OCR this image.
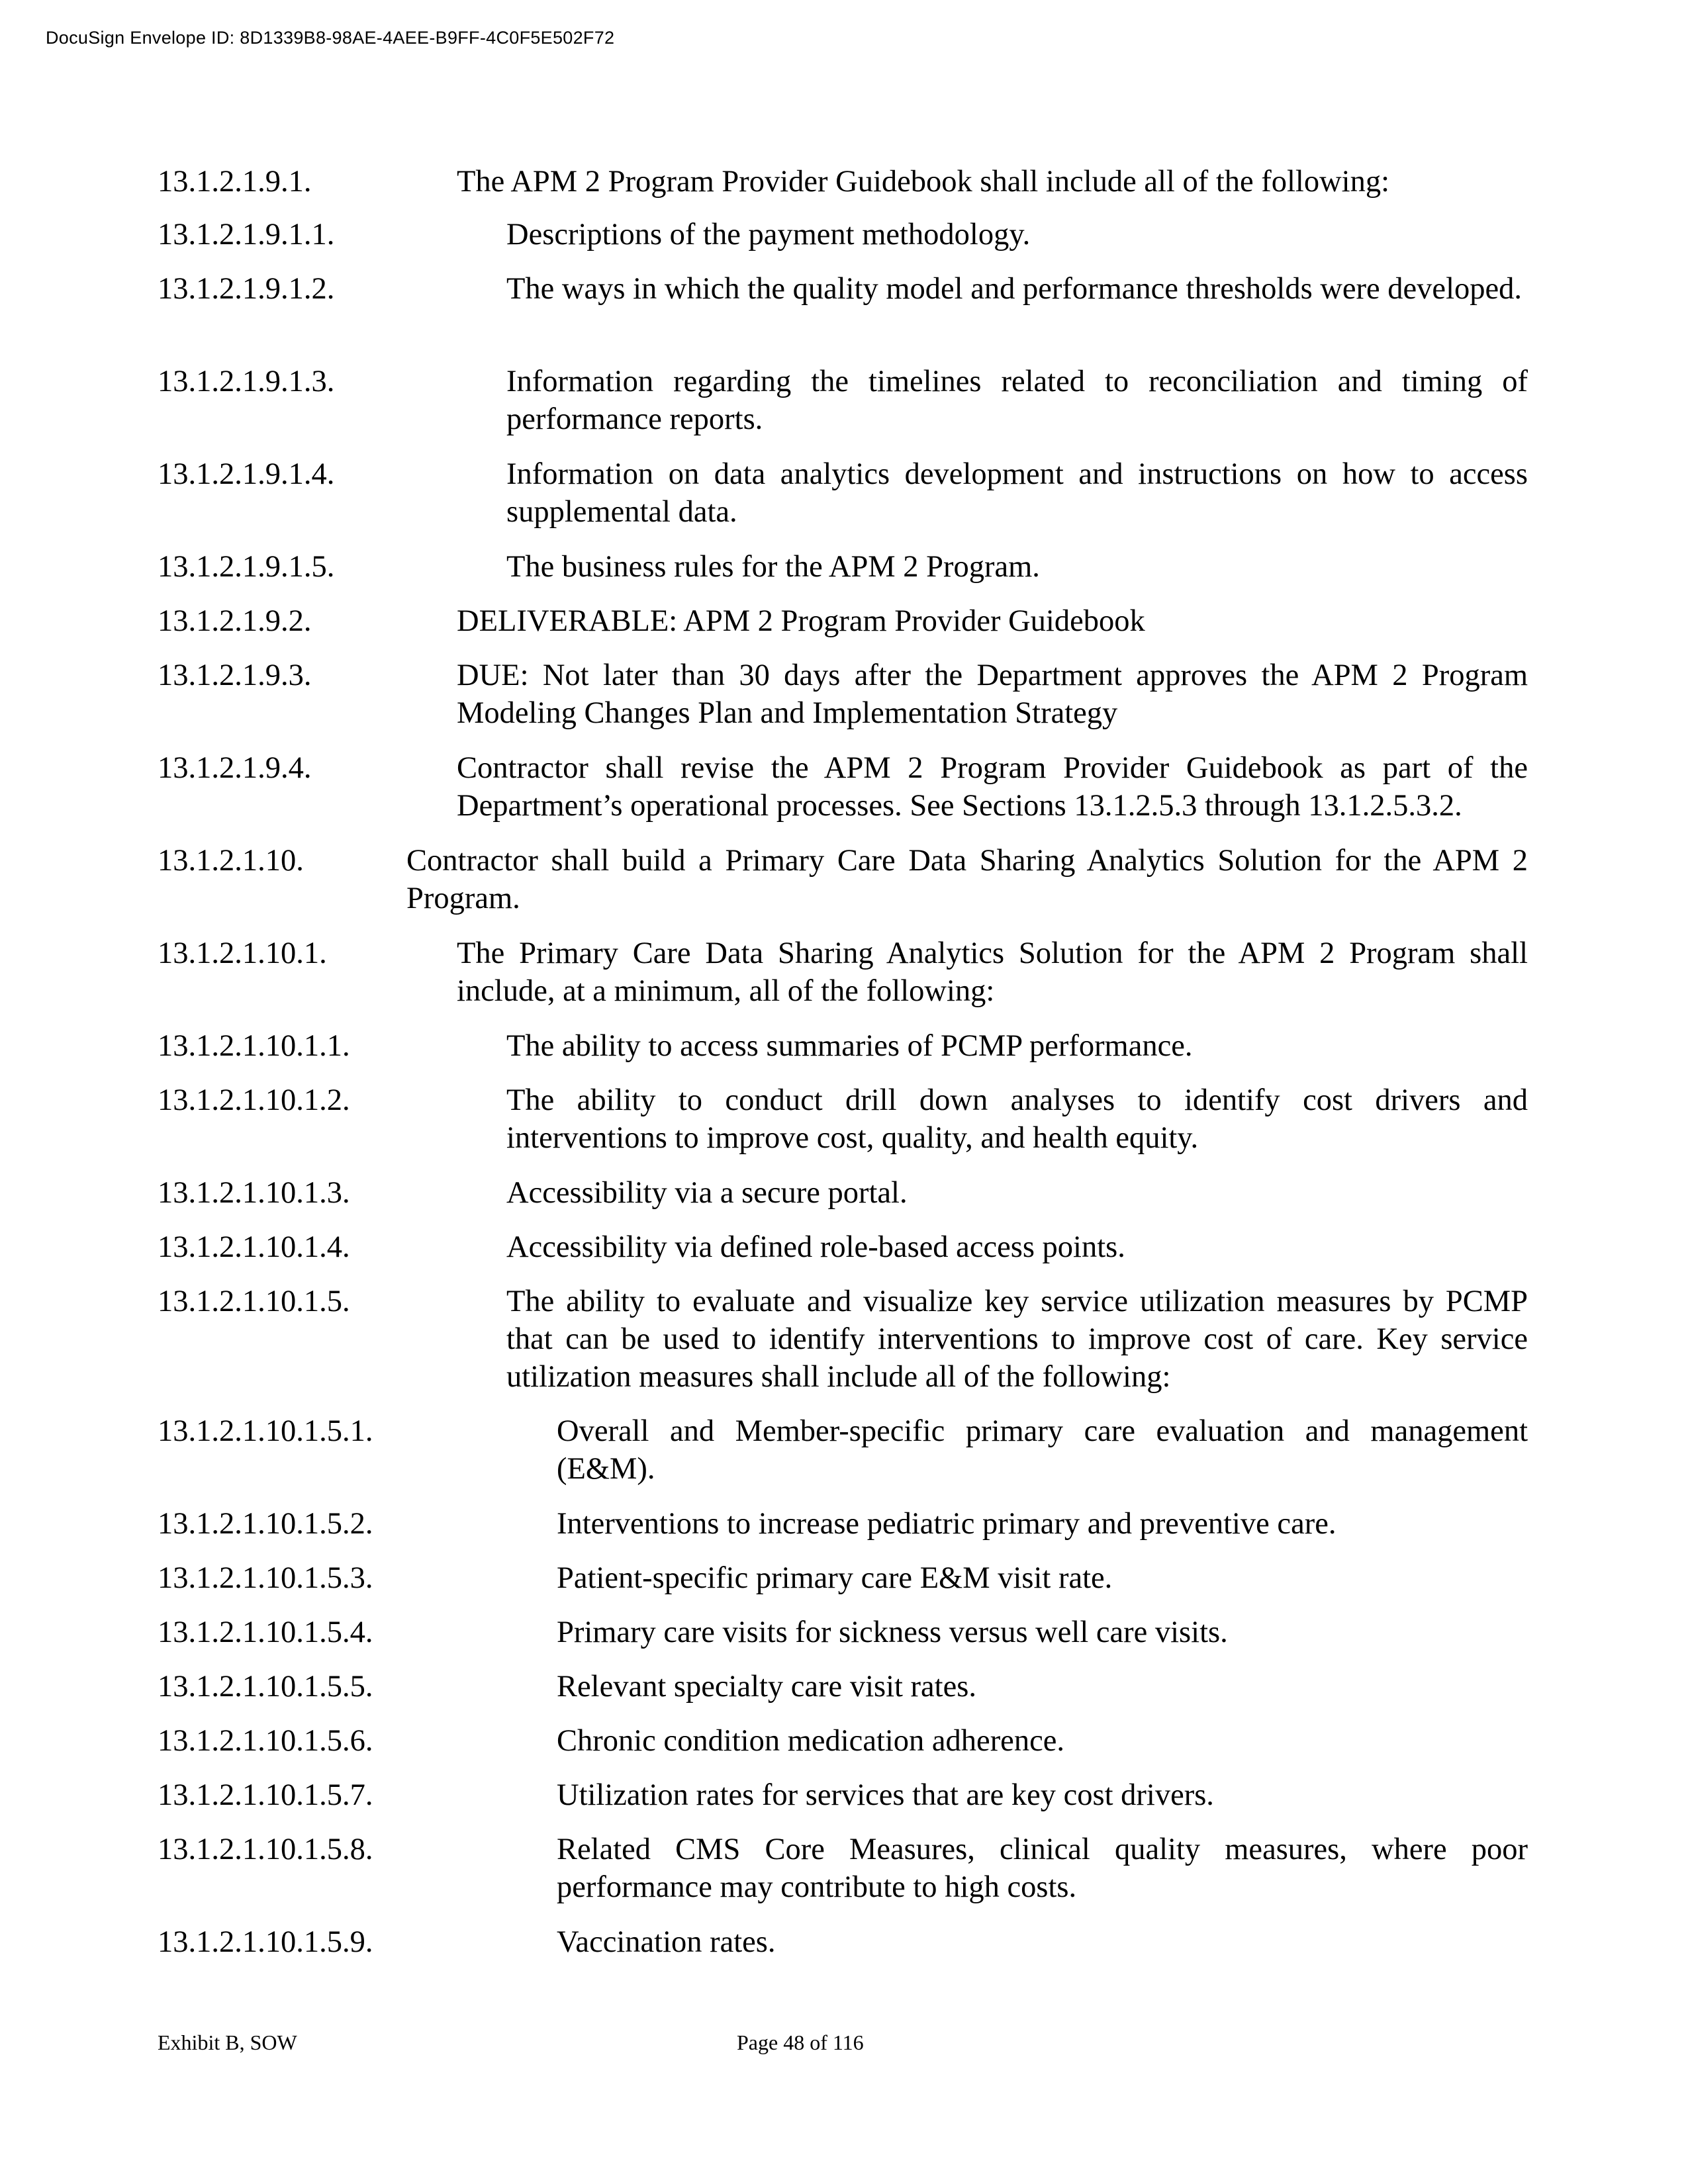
DocuSign Envelope ID: 8D1339B8-98AE-4AEE-B9FF-4C0F5E502F72
13.1.2.1.9.1.	The APM 2 Program Provider Guidebook shall include all of the following:
13.1.2.1.9.1.1.	Descriptions of the payment methodology.
13.1.2.1.9.1.2.	The ways in which the quality model and performance thresholds were developed.
13.1.2.1.9.1.3.	Information regarding the timelines related to reconciliation and timing of performance reports.
13.1.2.1.9.1.4.	Information on data analytics development and instructions on how to access supplemental data.
13.1.2.1.9.1.5.	The business rules for the APM 2 Program.
13.1.2.1.9.2.	DELIVERABLE: APM 2 Program Provider Guidebook
13.1.2.1.9.3.	DUE: Not later than 30 days after the Department approves the APM 2 Program Modeling Changes Plan and Implementation Strategy
13.1.2.1.9.4.	Contractor shall revise the APM 2 Program Provider Guidebook as part of the Department’s operational processes. See Sections 13.1.2.5.3 through 13.1.2.5.3.2.
13.1.2.1.10.	Contractor shall build a Primary Care Data Sharing Analytics Solution for the APM 2 Program.
13.1.2.1.10.1.	The Primary Care Data Sharing Analytics Solution for the APM 2 Program shall include, at a minimum, all of the following:
13.1.2.1.10.1.1.	The ability to access summaries of PCMP performance.
13.1.2.1.10.1.2.	The ability to conduct drill down analyses to identify cost drivers and interventions to improve cost, quality, and health equity.
13.1.2.1.10.1.3.	Accessibility via a secure portal.
13.1.2.1.10.1.4.	Accessibility via defined role-based access points.
13.1.2.1.10.1.5.	The ability to evaluate and visualize key service utilization measures by PCMP that can be used to identify interventions to improve cost of care. Key service utilization measures shall include all of the following:
13.1.2.1.10.1.5.1.	Overall and Member-specific primary care evaluation and management (E&M).
13.1.2.1.10.1.5.2.	Interventions to increase pediatric primary and preventive care.
13.1.2.1.10.1.5.3.	Patient-specific primary care E&M visit rate.
13.1.2.1.10.1.5.4.	Primary care visits for sickness versus well care visits.
13.1.2.1.10.1.5.5.	Relevant specialty care visit rates.
13.1.2.1.10.1.5.6.	Chronic condition medication adherence.
13.1.2.1.10.1.5.7.	Utilization rates for services that are key cost drivers.
13.1.2.1.10.1.5.8.	Related CMS Core Measures, clinical quality measures, where poor performance may contribute to high costs.
13.1.2.1.10.1.5.9.	Vaccination rates.
Exhibit B, SOW	Page 48 of 116
